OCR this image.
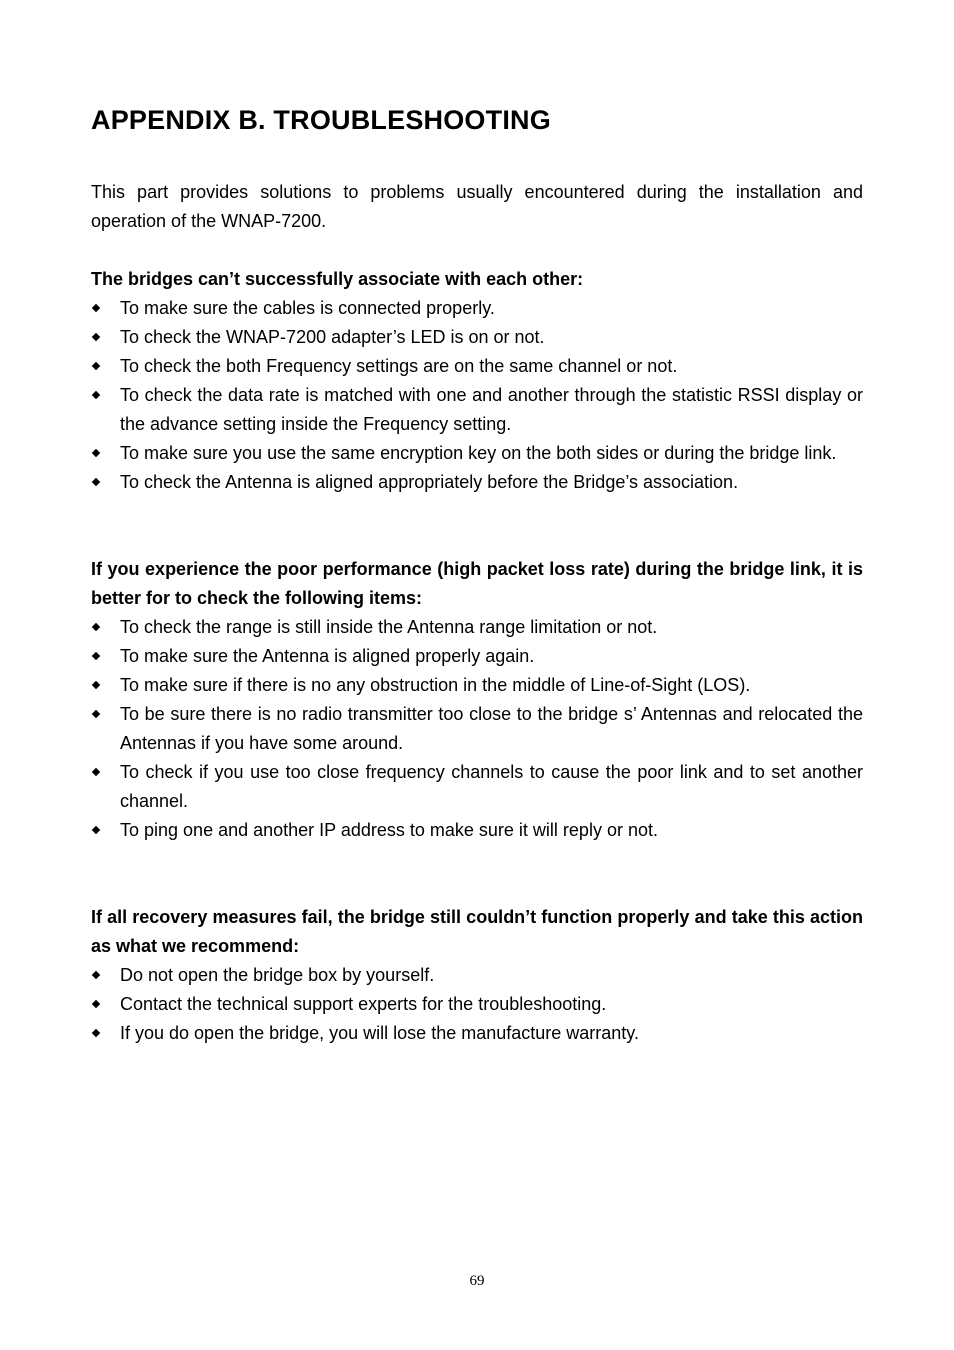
APPENDIX B. TROUBLESHOOTING

This part provides solutions to problems usually encountered during the installation and operation of the WNAP-7200.

The bridges can’t successfully associate with each other:
To make sure the cables is connected properly.
To check the WNAP-7200 adapter’s LED is on or not.
To check the both Frequency settings are on the same channel or not.
To check the data rate is matched with one and another through the statistic RSSI display or the advance setting inside the Frequency setting.
To make sure you use the same encryption key on the both sides or during the bridge link.
To check the Antenna is aligned appropriately before the Bridge’s association.
If you experience the poor performance (high packet loss rate) during the bridge link, it is better for to check the following items:
To check the range is still inside the Antenna range limitation or not.
To make sure the Antenna is aligned properly again.
To make sure if there is no any obstruction in the middle of Line-of-Sight (LOS).
To be sure there is no radio transmitter too close to the bridge s’ Antennas and relocated the Antennas if you have some around.
To check if you use too close frequency channels to cause the poor link and to set another channel.
To ping one and another IP address to make sure it will reply or not.
If all recovery measures fail, the bridge still couldn’t function properly and take this action as what we recommend:
Do not open the bridge box by yourself.
Contact the technical support experts for the troubleshooting.
If you do open the bridge, you will lose the manufacture warranty.
69
